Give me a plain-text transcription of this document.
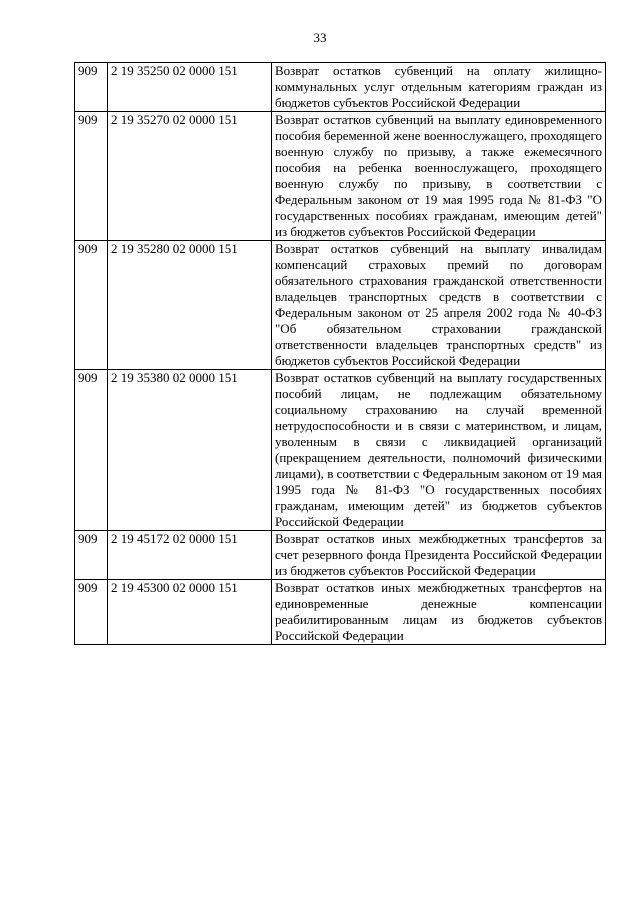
33
909	2 19 35250 02 0000 151	Возврат остатков субвенций на оплату жилищно-коммунальных услуг отдельным категориям граждан из бюджетов субъектов Российской Федерации
909	2 19 35270 02 0000 151	Возврат остатков субвенций на выплату единовременного пособия беременной жене военнослужащего, проходящего военную службу по призыву, а также ежемесячного пособия на ребенка военнослужащего, проходящего военную службу по призыву, в соответствии с Федеральным законом от 19 мая 1995 года № 81-ФЗ "О государственных пособиях гражданам, имеющим детей" из бюджетов субъектов Российской Федерации
909	2 19 35280 02 0000 151	Возврат остатков субвенций на выплату инвалидам компенсаций страховых премий по договорам обязательного страхования гражданской ответственности владельцев транспортных средств в соответствии с Федеральным законом от 25 апреля 2002 года № 40-ФЗ "Об обязательном страховании гражданской ответственности владельцев транспортных средств" из бюджетов субъектов Российской Федерации
909	2 19 35380 02 0000 151	Возврат остатков субвенций на выплату государственных пособий лицам, не подлежащим обязательному социальному страхованию на случай временной нетрудоспособности и в связи с материнством, и лицам, уволенным в связи с ликвидацией организаций (прекращением деятельности, полномочий физическими лицами), в соответствии с Федеральным законом от 19 мая 1995 года № 81-ФЗ "О государственных пособиях гражданам, имеющим детей" из бюджетов субъектов Российской Федерации
909	2 19 45172 02 0000 151	Возврат остатков иных межбюджетных трансфертов за счет резервного фонда Президента Российской Федерации из бюджетов субъектов Российской Федерации
909	2 19 45300 02 0000 151	Возврат остатков иных межбюджетных трансфертов на единовременные денежные компенсации реабилитированным лицам из бюджетов субъектов Российской Федерации
